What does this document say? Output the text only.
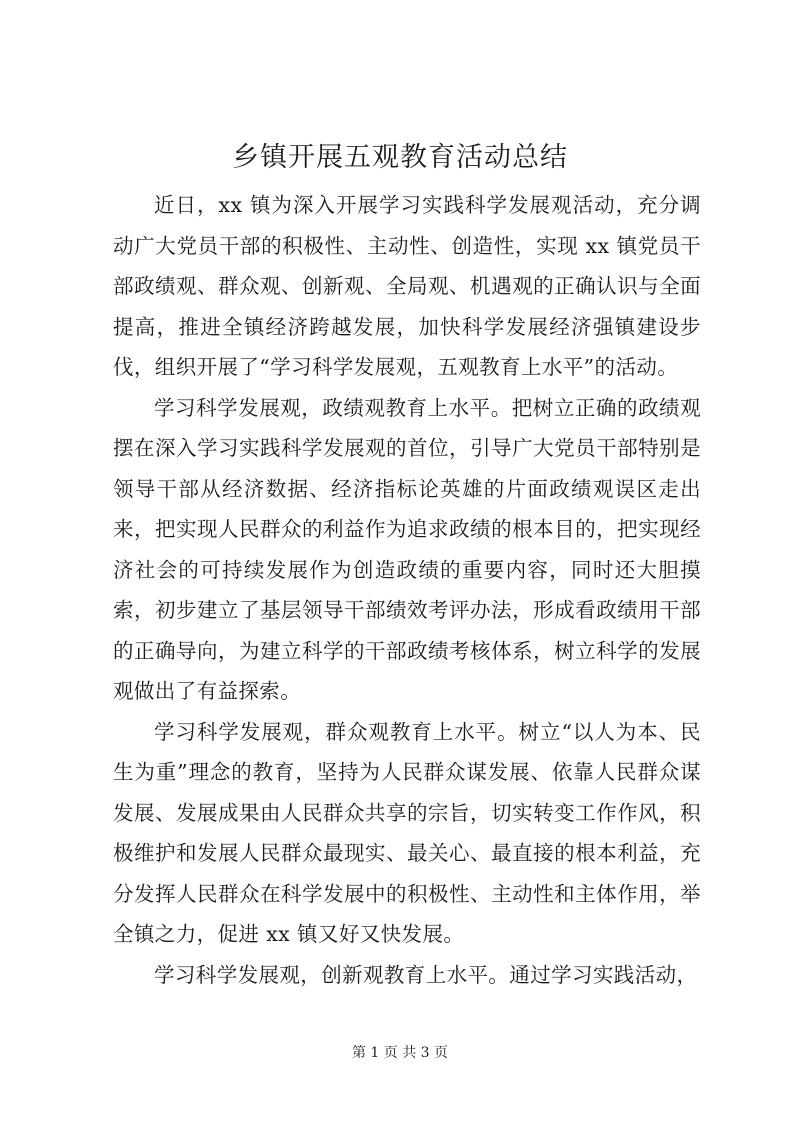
乡镇开展五观教育活动总结

近日，xx 镇为深入开展学习实践科学发展观活动，充分调动广大党员干部的积极性、主动性、创造性，实现 xx 镇党员干部政绩观、群众观、创新观、全局观、机遇观的正确认识与全面提高，推进全镇经济跨越发展，加快科学发展经济强镇建设步伐，组织开展了“学习科学发展观，五观教育上水平”的活动。

学习科学发展观，政绩观教育上水平。把树立正确的政绩观摆在深入学习实践科学发展观的首位，引导广大党员干部特别是领导干部从经济数据、经济指标论英雄的片面政绩观误区走出来，把实现人民群众的利益作为追求政绩的根本目的，把实现经济社会的可持续发展作为创造政绩的重要内容，同时还大胆摸索，初步建立了基层领导干部绩效考评办法，形成看政绩用干部的正确导向，为建立科学的干部政绩考核体系，树立科学的发展观做出了有益探索。

学习科学发展观，群众观教育上水平。树立“以人为本、民生为重”理念的教育，坚持为人民群众谋发展、依靠人民群众谋发展、发展成果由人民群众共享的宗旨，切实转变工作作风，积极维护和发展人民群众最现实、最关心、最直接的根本利益，充分发挥人民群众在科学发展中的积极性、主动性和主体作用，举全镇之力，促进 xx 镇又好又快发展。

学习科学发展观，创新观教育上水平。通过学习实践活动，

第 1 页 共 3 页
